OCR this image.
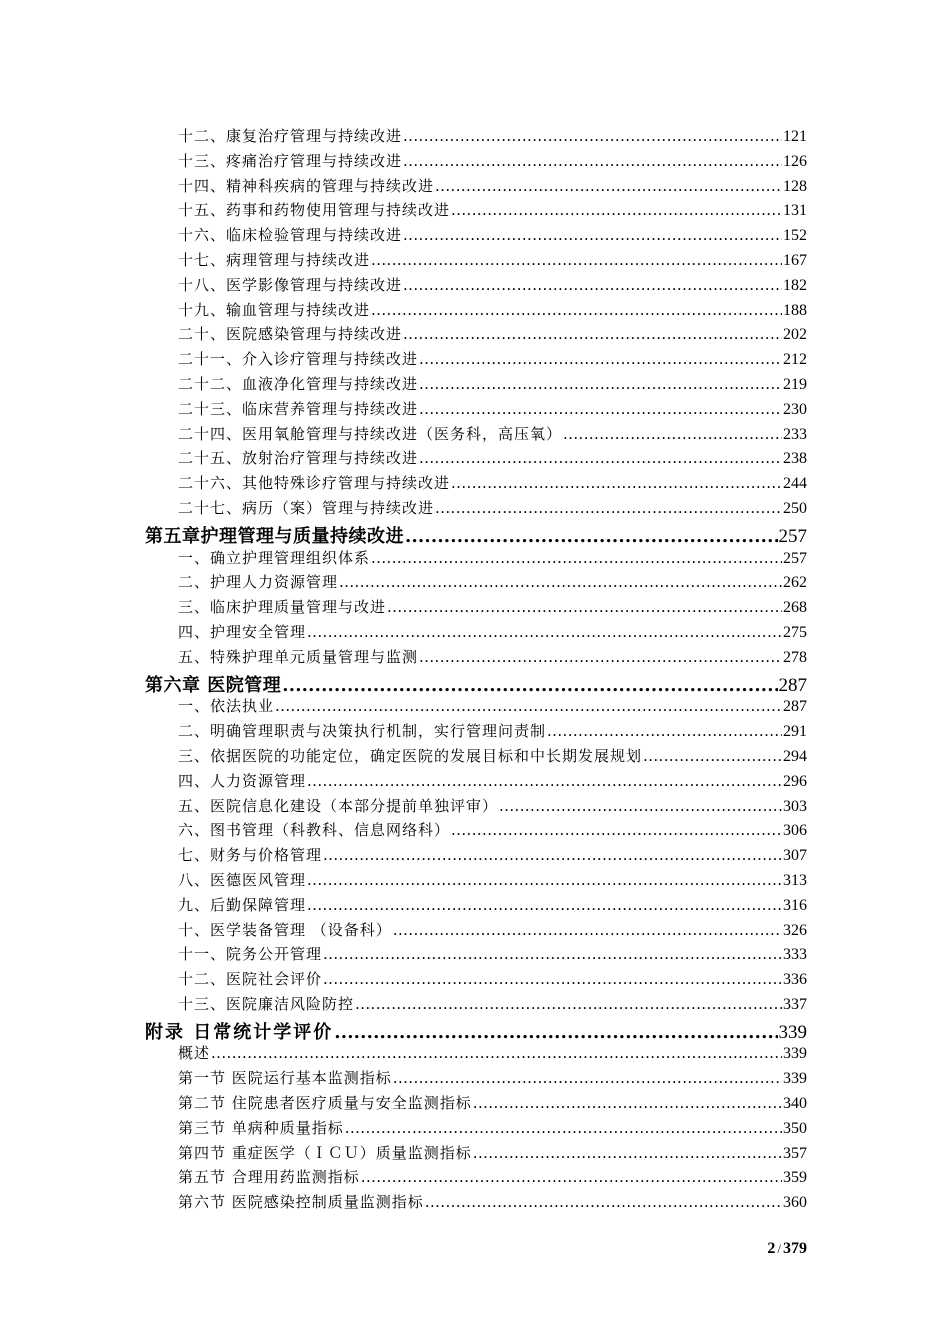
十二、康复治疗管理与持续改进 .....	121
十三、疼痛治疗管理与持续改进 .....	126
十四、精神科疾病的管理与持续改进 .....	128
十五、药事和药物使用管理与持续改进 .....	131
十六、临床检验管理与持续改进 .....	152
十七、病理管理与持续改进 .....	167
十八、医学影像管理与持续改进 .....	182
十九、输血管理与持续改进 .....	188
二十、医院感染管理与持续改进 .....	202
二十一、介入诊疗管理与持续改进 .....	212
二十二、血液净化管理与持续改进 .....	219
二十三、临床营养管理与持续改进 .....	230
二十四、医用氧舱管理与持续改进（医务科，高压氧） .....	233
二十五、放射治疗管理与持续改进 .....	238
二十六、其他特殊诊疗管理与持续改进 .....	244
二十七、病历（案）管理与持续改进 .....	250
第五章护理管理与质量持续改进 .....	257
一、确立护理管理组织体系 .....	257
二、护理人力资源管理 .....	262
三、临床护理质量管理与改进 .....	268
四、护理安全管理 .....	275
五、特殊护理单元质量管理与监测 .....	278
第六章 医院管理 .....	287
一、依法执业 .....	287
二、明确管理职责与决策执行机制，实行管理问责制 .....	291
三、依据医院的功能定位，确定医院的发展目标和中长期发展规划 .....	294
四、人力资源管理 .....	296
五、医院信息化建设（本部分提前单独评审） .....	303
六、图书管理（科教科、信息网络科） .....	306
七、财务与价格管理 .....	307
八、医德医风管理 .....	313
九、后勤保障管理 .....	316
十、医学装备管理 （设备科） .....	326
十一、院务公开管理 .....	333
十二、医院社会评价 .....	336
十三、医院廉洁风险防控 .....	337
附录 日常统计学评价 .....	339
概述 .....	339
第一节 医院运行基本监测指标 .....	339
第二节 住院患者医疗质量与安全监测指标 .....	340
第三节 单病种质量指标 .....	350
第四节 重症医学（ＩＣＵ）质量监测指标 .....	357
第五节 合理用药监测指标 .....	359
第六节 医院感染控制质量监测指标 .....	360
2 / 379
